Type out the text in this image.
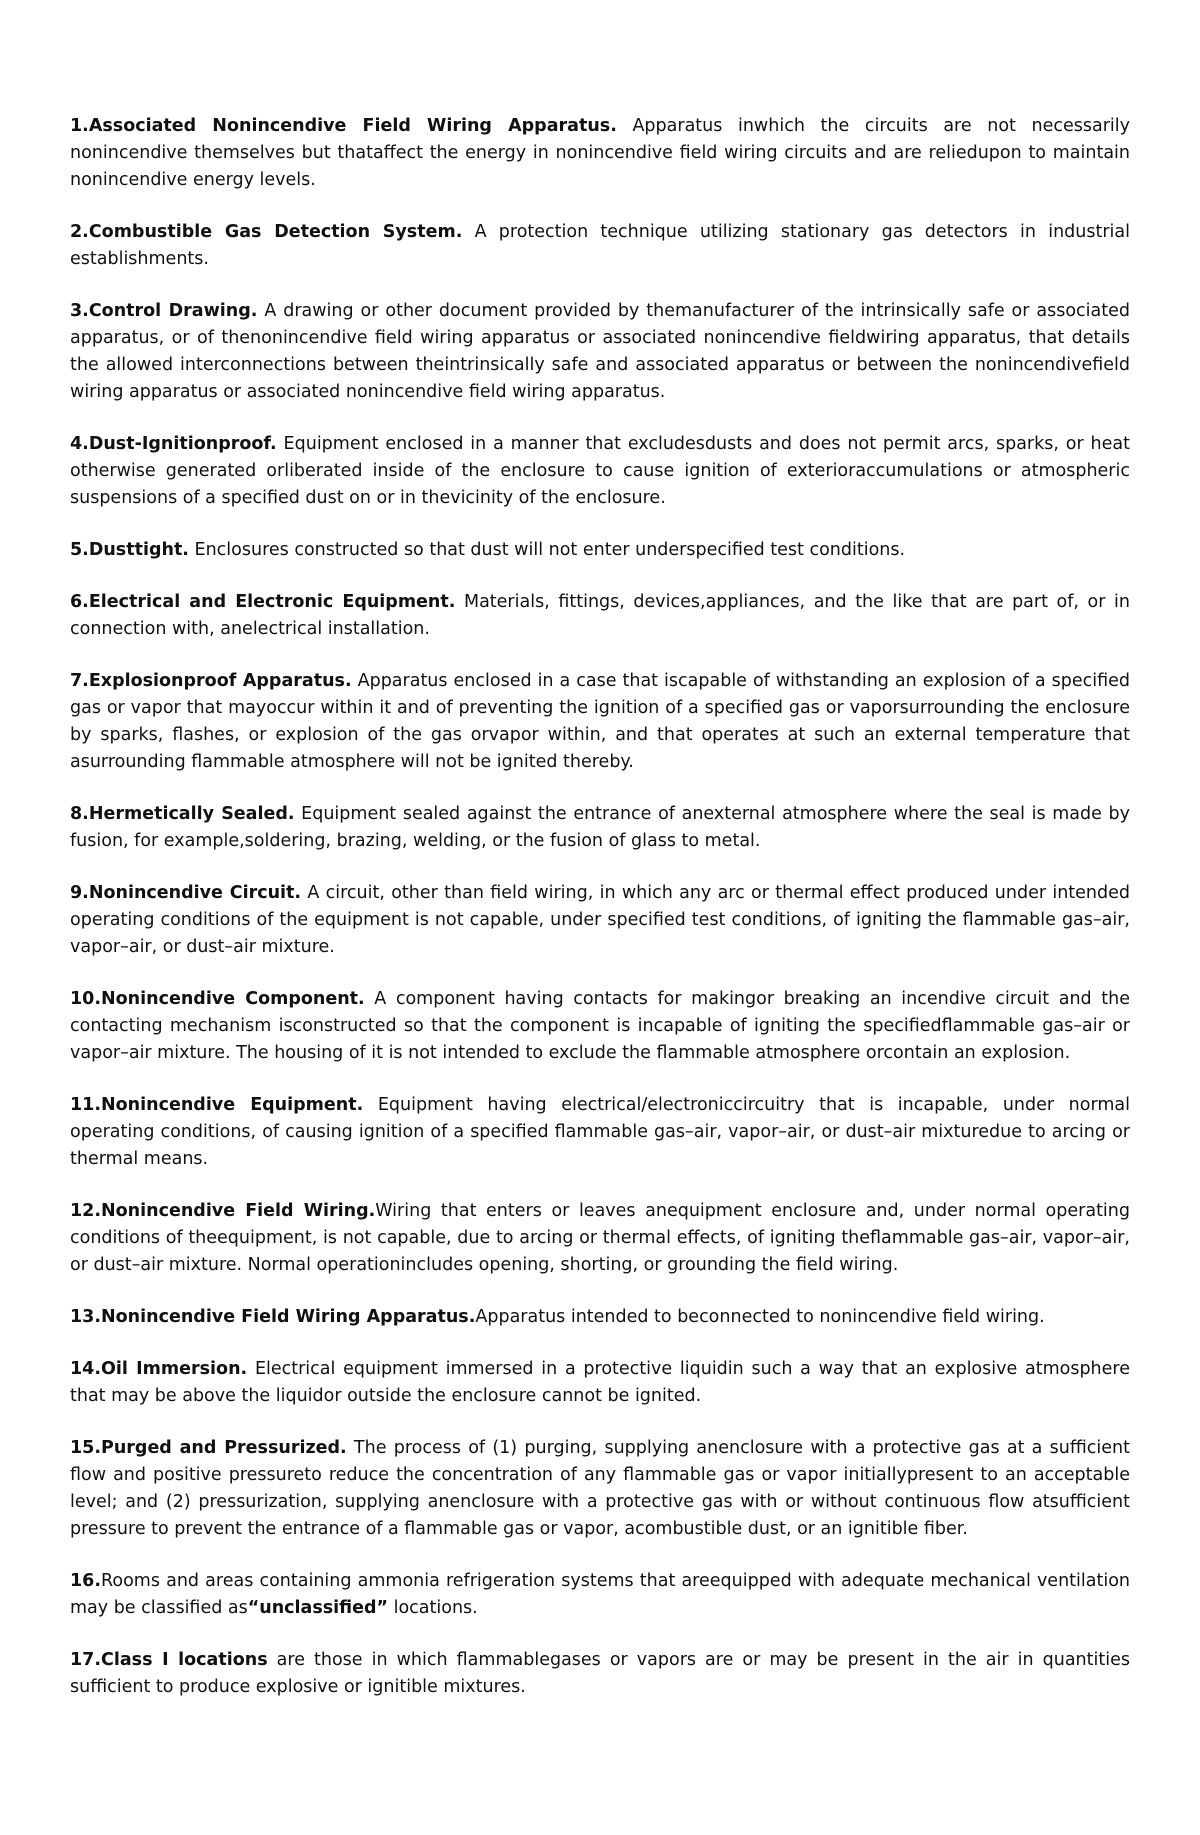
1.Associated Nonincendive Field Wiring Apparatus. Apparatus inwhich the circuits are not necessarily nonincendive themselves but thataffect the energy in nonincendive field wiring circuits and are reliedupon to maintain nonincendive energy levels.

2.Combustible Gas Detection System. A protection technique utilizing stationary gas detectors in industrial establishments.

3.Control Drawing. A drawing or other document provided by themanufacturer of the intrinsically safe or associated apparatus, or of thenonincendive field wiring apparatus or associated nonincendive fieldwiring apparatus, that details the allowed interconnections between theintrinsically safe and associated apparatus or between the nonincendivefield wiring apparatus or associated nonincendive field wiring apparatus.

4.Dust-Ignitionproof. Equipment enclosed in a manner that excludesdusts and does not permit arcs, sparks, or heat otherwise generated orliberated inside of the enclosure to cause ignition of exterioraccumulations or atmospheric suspensions of a specified dust on or in thevicinity of the enclosure.

5.Dusttight. Enclosures constructed so that dust will not enter underspecified test conditions.

6.Electrical and Electronic Equipment. Materials, fittings, devices,appliances, and the like that are part of, or in connection with, anelectrical installation.

7.Explosionproof Apparatus. Apparatus enclosed in a case that iscapable of withstanding an explosion of a specified gas or vapor that mayoccur within it and of preventing the ignition of a specified gas or vaporsurrounding the enclosure by sparks, flashes, or explosion of the gas orvapor within, and that operates at such an external temperature that asurrounding flammable atmosphere will not be ignited thereby.

8.Hermetically Sealed. Equipment sealed against the entrance of anexternal atmosphere where the seal is made by fusion, for example,soldering, brazing, welding, or the fusion of glass to metal.

9.Nonincendive Circuit. A circuit, other than field wiring, in which any arc or thermal effect produced under intended operating conditions of the equipment is not capable, under specified test conditions, of igniting the flammable gas–air, vapor–air, or dust–air mixture.

10.Nonincendive Component. A component having contacts for makingor breaking an incendive circuit and the contacting mechanism isconstructed so that the component is incapable of igniting the specifiedflammable gas–air or vapor–air mixture. The housing of it is not intended to exclude the flammable atmosphere orcontain an explosion.

11.Nonincendive Equipment. Equipment having electrical/electroniccircuitry that is incapable, under normal operating conditions, of causing ignition of a specified flammable gas–air, vapor–air, or dust–air mixturedue to arcing or thermal means.

12.Nonincendive Field Wiring.Wiring that enters or leaves anequipment enclosure and, under normal operating conditions of theequipment, is not capable, due to arcing or thermal effects, of igniting theflammable gas–air, vapor–air, or dust–air mixture. Normal operationincludes opening, shorting, or grounding the field wiring.

13.Nonincendive Field Wiring Apparatus.Apparatus intended to beconnected to nonincendive field wiring.

14.Oil Immersion. Electrical equipment immersed in a protective liquidin such a way that an explosive atmosphere that may be above the liquidor outside the enclosure cannot be ignited.

15.Purged and Pressurized. The process of (1) purging, supplying anenclosure with a protective gas at a sufficient flow and positive pressureto reduce the concentration of any flammable gas or vapor initiallypresent to an acceptable level; and (2) pressurization, supplying anenclosure with a protective gas with or without continuous flow atsufficient pressure to prevent the entrance of a flammable gas or vapor, acombustible dust, or an ignitible fiber.

16.Rooms and areas containing ammonia refrigeration systems that areequipped with adequate mechanical ventilation may be classified as“unclassified” locations.

17.Class I locations are those in which flammablegases or vapors are or may be present in the air in quantities sufficient to produce explosive or ignitible mixtures.
